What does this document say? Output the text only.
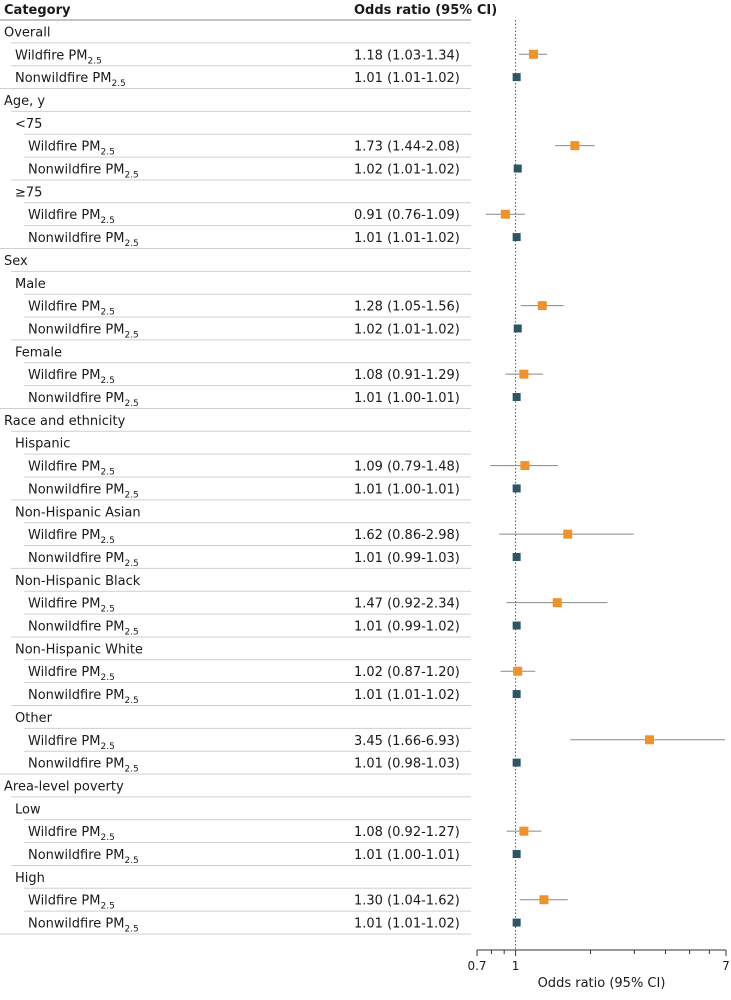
Category	Odds ratio (95% CI)
Overall
Wildfire $PM_{2.5}$	1.18 (1.03-1.34)
Nonwildfire $PM_{2.5}$	1.01 (1.01-1.02)
Age, y
<75
Wildfire $PM_{2.5}$	1.73 (1.44-2.08)
Nonwildfire $PM_{2.5}$	1.02 (1.01-1.02)
≥75
Wildfire $PM_{2.5}$	0.91 (0.76-1.09)
Nonwildfire $PM_{2.5}$	1.01 (1.01-1.02)
Sex
Male
Wildfire $PM_{2.5}$	1.28 (1.05-1.56)
Nonwildfire $PM_{2.5}$	1.02 (1.01-1.02)
Female
Wildfire $PM_{2.5}$	1.08 (0.91-1.29)
Nonwildfire $PM_{2.5}$	1.01 (1.00-1.01)
Race and ethnicity
Hispanic
Wildfire $PM_{2.5}$	1.09 (0.79-1.48)
Nonwildfire $PM_{2.5}$	1.01 (1.00-1.01)
Non-Hispanic Asian
Wildfire $PM_{2.5}$	1.62 (0.86-2.98)
Nonwildfire $PM_{2.5}$	1.01 (0.99-1.03)
Non-Hispanic Black
Wildfire $PM_{2.5}$	1.47 (0.92-2.34)
Nonwildfire $PM_{2.5}$	1.01 (0.99-1.02)
Non-Hispanic White
Wildfire $PM_{2.5}$	1.02 (0.87-1.20)
Nonwildfire $PM_{2.5}$	1.01 (1.01-1.02)
Other
Wildfire $PM_{2.5}$	3.45 (1.66-6.93)
Nonwildfire $PM_{2.5}$	1.01 (0.98-1.03)
Area-level poverty
Low
Wildfire $PM_{2.5}$	1.08 (0.92-1.27)
Nonwildfire $PM_{2.5}$	1.01 (1.00-1.01)
High
Wildfire $PM_{2.5}$	1.30 (1.04-1.62)
Nonwildfire $PM_{2.5}$	1.01 (1.01-1.02)
0.7 1	7
Odds ratio (95% CI)
